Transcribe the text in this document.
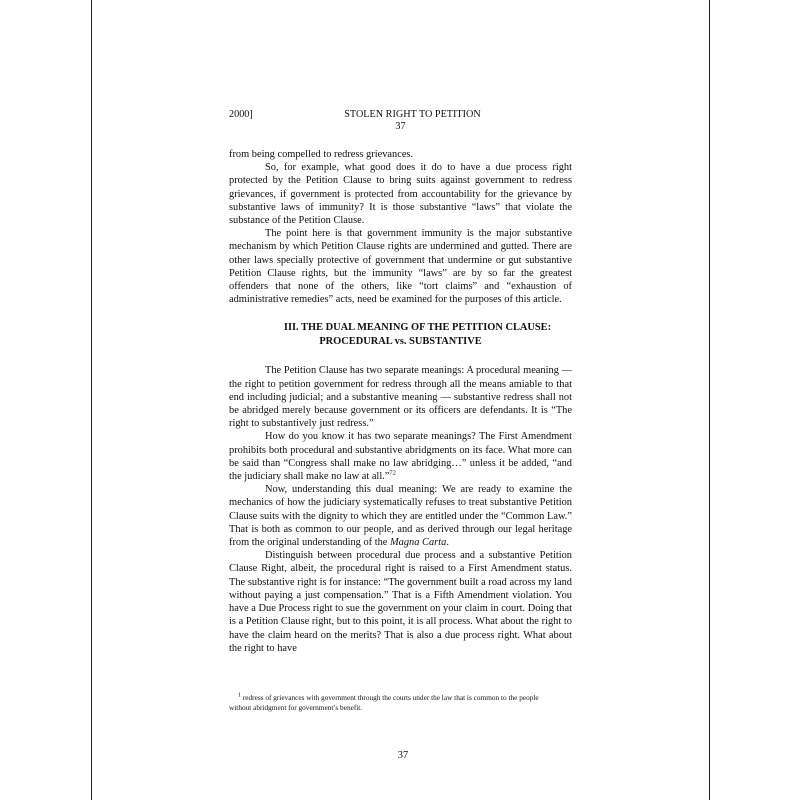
2000]	STOLEN RIGHT TO PETITION
37

from being compelled to redress grievances.

So, for example, what good does it do to have a due process right protected by the Petition Clause to bring suits against government to redress grievances, if government is protected from accountability for the grievance by substantive laws of immunity? It is those substantive “laws” that violate the substance of the Petition Clause.

The point here is that government immunity is the major substantive mechanism by which Petition Clause rights are undermined and gutted. There are other laws specially protective of government that undermine or gut substantive Petition Clause rights, but the immunity “laws” are by so far the greatest offenders that none of the others, like “tort claims” and “exhaustion of administrative remedies” acts, need be examined for the purposes of this article.

III. THE DUAL MEANING OF THE PETITION CLAUSE:
PROCEDURAL vs. SUBSTANTIVE

The Petition Clause has two separate meanings: A procedural meaning — the right to petition government for redress through all the means amiable to that end including judicial; and a substantive meaning — substantive redress shall not be abridged merely because government or its officers are defendants. It is “The right to substantively just redress.”

How do you know it has two separate meanings? The First Amendment prohibits both procedural and substantive abridgments on its face. What more can be said than “Congress shall make no law abridging…” unless it be added, “and the judiciary shall make no law at all.”$^{72}$

Now, understanding this dual meaning: We are ready to examine the mechanics of how the judiciary systematically refuses to treat substantive Petition Clause suits with the dignity to which they are entitled under the “Common Law.” That is both as common to our people, and as derived through our legal heritage from the original understanding of the Magna Carta.

Distinguish between procedural due process and a substantive Petition Clause Right, albeit, the procedural right is raised to a First Amendment status. The substantive right is for instance: “The government built a road across my land without paying a just compensation.” That is a Fifth Amendment violation. You have a Due Process right to sue the government on your claim in court. Doing that is a Petition Clause right, but to this point, it is all process. What about the right to have the claim heard on the merits? That is also a due process right. What about the right to have

$^1$ redress of grievances with government through the courts under the law that is common to the people
without abridgment for government’s benefit.
37
